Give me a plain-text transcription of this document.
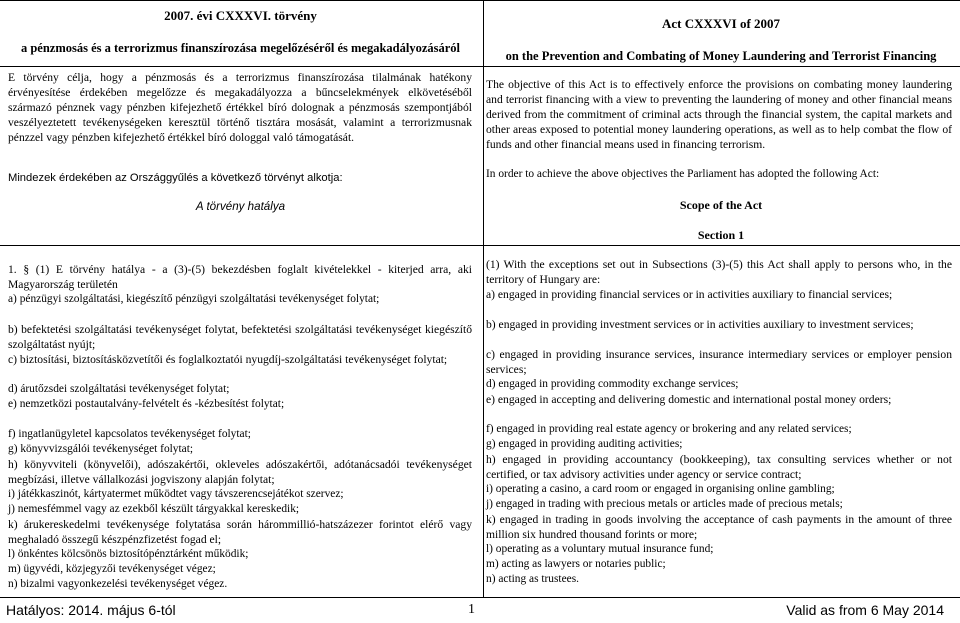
2007. évi CXXXVI. törvény
a pénzmosás és a terrorizmus finanszírozása megelőzéséről és megakadályozásáról
E törvény célja, hogy a pénzmosás és a terrorizmus finanszírozása tilalmának hatékony érvényesítése érdekében megelőzze és megakadályozza a bűncselekmények elkövetéséből származó pénznek vagy pénzben kifejezhető értékkel bíró dolognak a pénzmosás szempontjából veszélyeztetett tevékenységeken keresztül történő tisztára mosását, valamint a terrorizmusnak pénzzel vagy pénzben kifejezhető értékkel bíró dologgal való támogatását.
Mindezek érdekében az Országgyűlés a következő törvényt alkotja:
A törvény hatálya
1. § (1) E törvény hatálya - a (3)-(5) bekezdésben foglalt kivételekkel - kiterjed arra, aki Magyarország területén
a) pénzügyi szolgáltatási, kiegészítő pénzügyi szolgáltatási tevékenységet folytat;
b) befektetési szolgáltatási tevékenységet folytat, befektetési szolgáltatási tevékenységet kiegészítő szolgáltatást nyújt;
c) biztosítási, biztosításközvetítői és foglalkoztatói nyugdíj-szolgáltatási tevékenységet folytat;
d) árutőzsdei szolgáltatási tevékenységet folytat;
e) nemzetközi postautalvány-felvételt és -kézbesítést folytat;
f) ingatlanügyletel kapcsolatos tevékenységet folytat;
g) könyvvizsgálói tevékenységet folytat;
h) könyvviteli (könyvelői), adószakértői, okleveles adószakértői, adótanácsadói tevékenységet megbízási, illetve vállalkozási jogviszony alapján folytat;
i) játékkaszinót, kártyatermet működtet vagy távszerencsejátékot szervez;
j) nemesfémmel vagy az ezekből készült tárgyakkal kereskedik;
k) árukereskedelmi tevékenysége folytatása során hárommillió-hatszázezer forintot elérő vagy meghaladó összegű készpénzfizetést fogad el;
l) önkéntes kölcsönös biztosítópénztárként működik;
m) ügyvédi, közjegyzői tevékenységet végez;
n) bizalmi vagyonkezelési tevékenységet végez.
Act CXXXVI of 2007
on the Prevention and Combating of Money Laundering and Terrorist Financing
The objective of this Act is to effectively enforce the provisions on combating money laundering and terrorist financing with a view to preventing the laundering of money and other financial means derived from the commitment of criminal acts through the financial system, the capital markets and other areas exposed to potential money laundering operations, as well as to help combat the flow of funds and other financial means used in financing terrorism.
In order to achieve the above objectives the Parliament has adopted the following Act:
Scope of the Act
Section 1
(1) With the exceptions set out in Subsections (3)-(5) this Act shall apply to persons who, in the territory of Hungary are:
a) engaged in providing financial services or in activities auxiliary to financial services;
b) engaged in providing investment services or in activities auxiliary to investment services;
c) engaged in providing insurance services, insurance intermediary services or employer pension services;
d) engaged in providing commodity exchange services;
e) engaged in accepting and delivering domestic and international postal money orders;
f) engaged in providing real estate agency or brokering and any related services;
g) engaged in providing auditing activities;
h) engaged in providing accountancy (bookkeeping), tax consulting services whether or not certified, or tax advisory activities under agency or service contract;
i) operating a casino, a card room or engaged in organising online gambling;
j) engaged in trading with precious metals or articles made of precious metals;
k) engaged in trading in goods involving the acceptance of cash payments in the amount of three million six hundred thousand forints or more;
l) operating as a voluntary mutual insurance fund;
m) acting as lawyers or notaries public;
n) acting as trustees.
Hatályos: 2014. május 6-tól	1	Valid as from 6 May 2014
